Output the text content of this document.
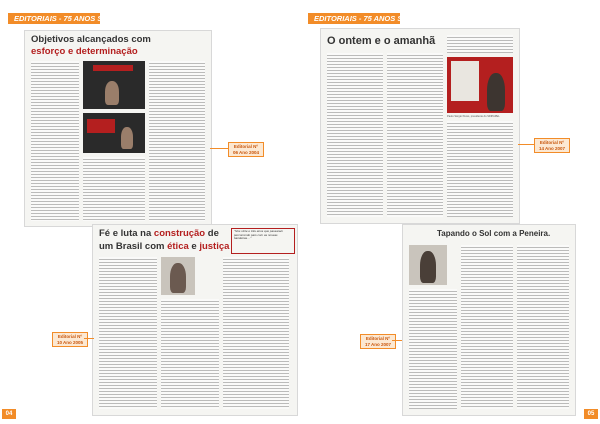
EDITORIAIS - 75 ANOS SINPAPEL	EDITORIAIS - 75 ANOS SINPAPEL
Objetivos alcançados com
esforço e determinação
Editorial Nº 06 Ano 2004
Fé e luta na construção de
um Brasil com ética e justiça
"Nos vinte e três anos que passaram percorrendo país com as nossas bandeiras…"
Editorial Nº 10 Ano 2005
O ontem e o amanhã
Paulo Sérgio Peres, presidente do SINPAPEL
Editorial Nº 14 Ano 2007
Tapando o Sol com a Peneira.
Editorial Nº 17 Ano 2007
04	05
